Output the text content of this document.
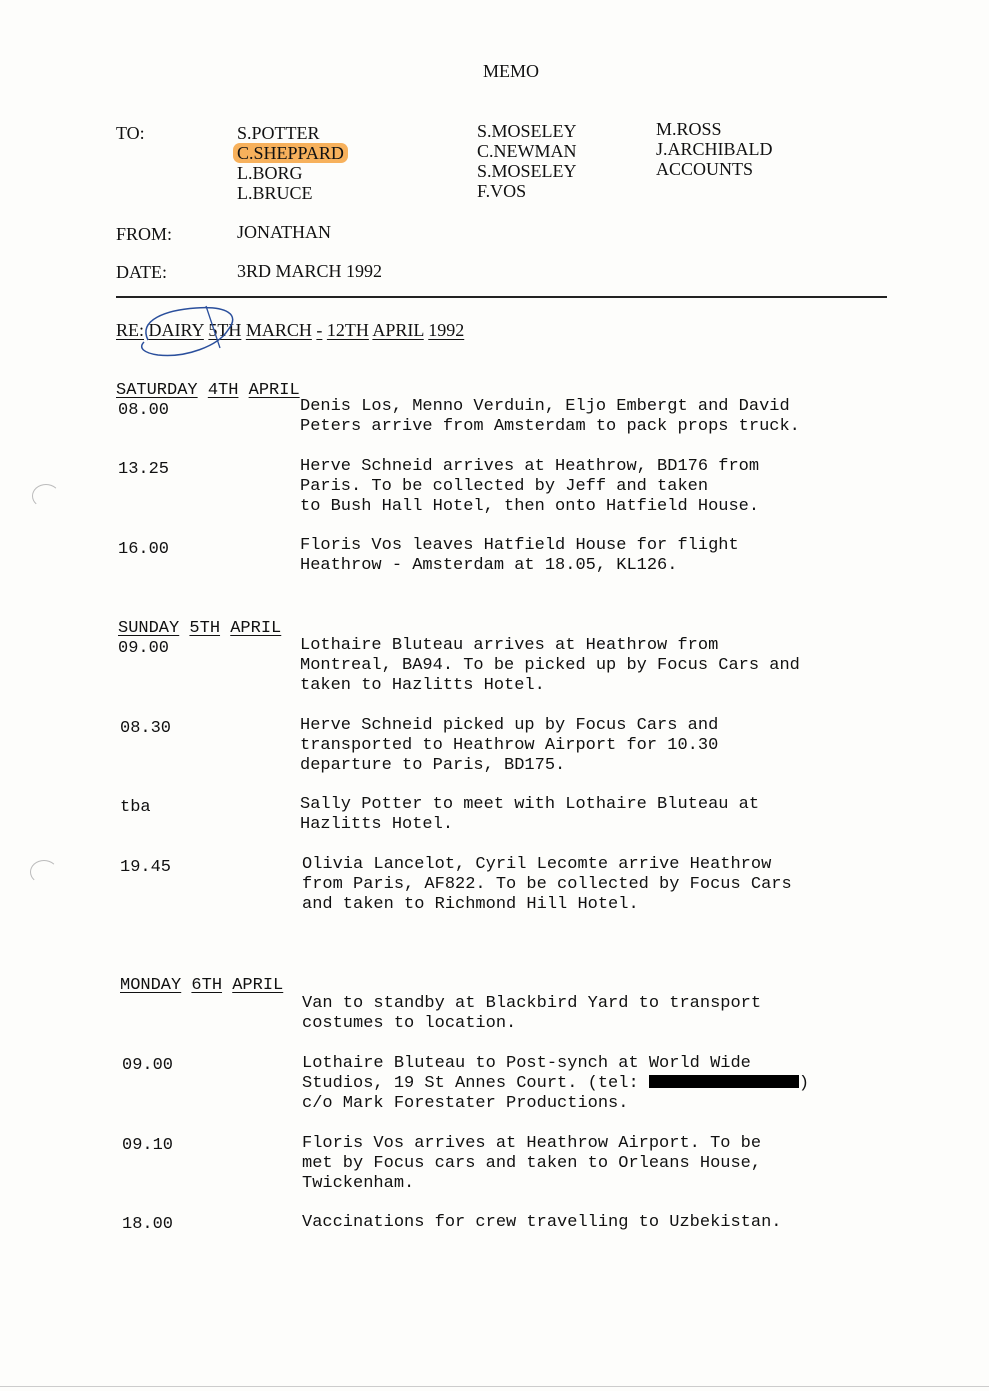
MEMO
TO:	S.POTTER
C.SHEPPARD
L.BORG
L.BRUCE
S.MOSELEY
C.NEWMAN
S.MOSELEY
F.VOS
M.ROSS
J.ARCHIBALD
ACCOUNTS
FROM:	JONATHAN
DATE:	3RD MARCH 1992
RE: DAIRY 5TH MARCH - 12TH APRIL 1992
SATURDAY 4TH APRIL
08.00	Denis Los, Menno Verduin, Eljo Embergt and David
Peters arrive from Amsterdam to pack props truck.
13.25	Herve Schneid arrives at Heathrow, BD176 from
Paris. To be collected by Jeff and taken
to Bush Hall Hotel, then onto Hatfield House.
16.00	Floris Vos leaves Hatfield House for flight
Heathrow - Amsterdam at 18.05, KL126.
SUNDAY 5TH APRIL
09.00	Lothaire Bluteau arrives at Heathrow from
Montreal, BA94. To be picked up by Focus Cars and
taken to Hazlitts Hotel.
08.30	Herve Schneid picked up by Focus Cars and
transported to Heathrow Airport for 10.30
departure to Paris, BD175.
tba	Sally Potter to meet with Lothaire Bluteau at
Hazlitts Hotel.
19.45	Olivia Lancelot, Cyril Lecomte arrive Heathrow
from Paris, AF822. To be collected by Focus Cars
and taken to Richmond Hill Hotel.
MONDAY 6TH APRIL
Van to standby at Blackbird Yard to transport
costumes to location.
09.00	Lothaire Bluteau to Post-synch at World Wide
Studios, 19 St Annes Court. (tel:	)
c/o Mark Forestater Productions.
09.10	Floris Vos arrives at Heathrow Airport. To be
met by Focus cars and taken to Orleans House,
Twickenham.
18.00	Vaccinations for crew travelling to Uzbekistan.
